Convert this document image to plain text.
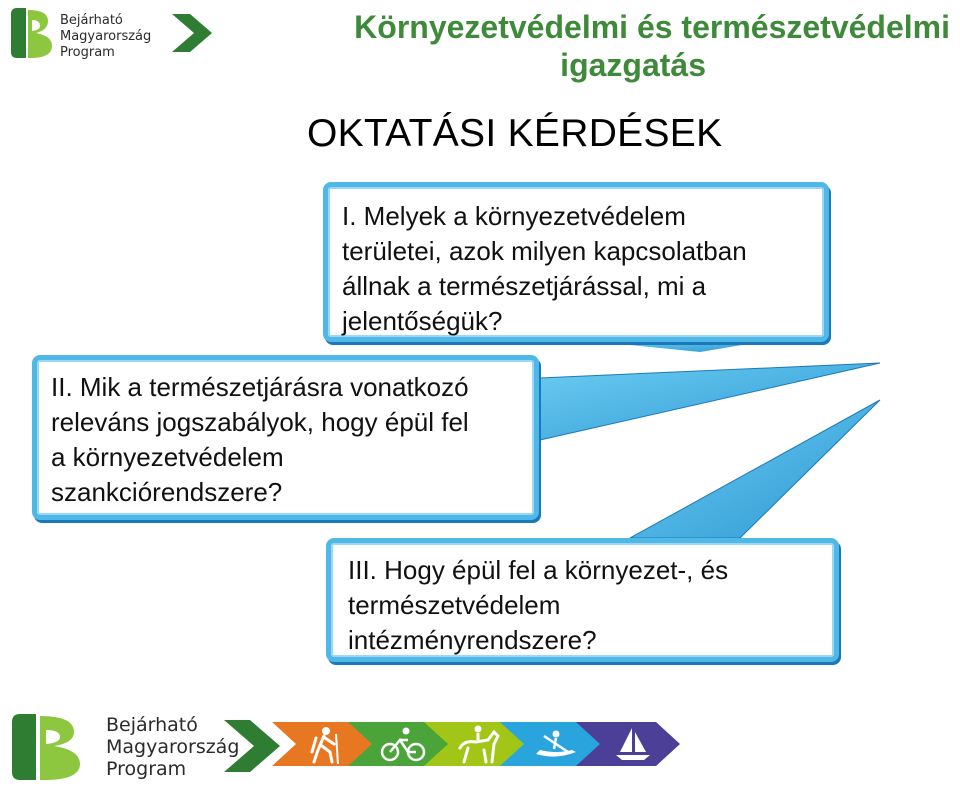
Bejárható
Magyarország
Program
Környezetvédelmi és természetvédelmi
igazgatás
OKTATÁSI KÉRDÉSEK
I. Melyek a környezetvédelem
területei, azok milyen kapcsolatban
állnak a természetjárással, mi a
jelentőségük?
II. Mik a természetjárásra vonatkozó
releváns jogszabályok, hogy épül fel
a környezetvédelem
szankciórendszere?
III. Hogy épül fel a környezet-, és
természetvédelem
intézményrendszere?
Bejárható
Magyarország
Program
